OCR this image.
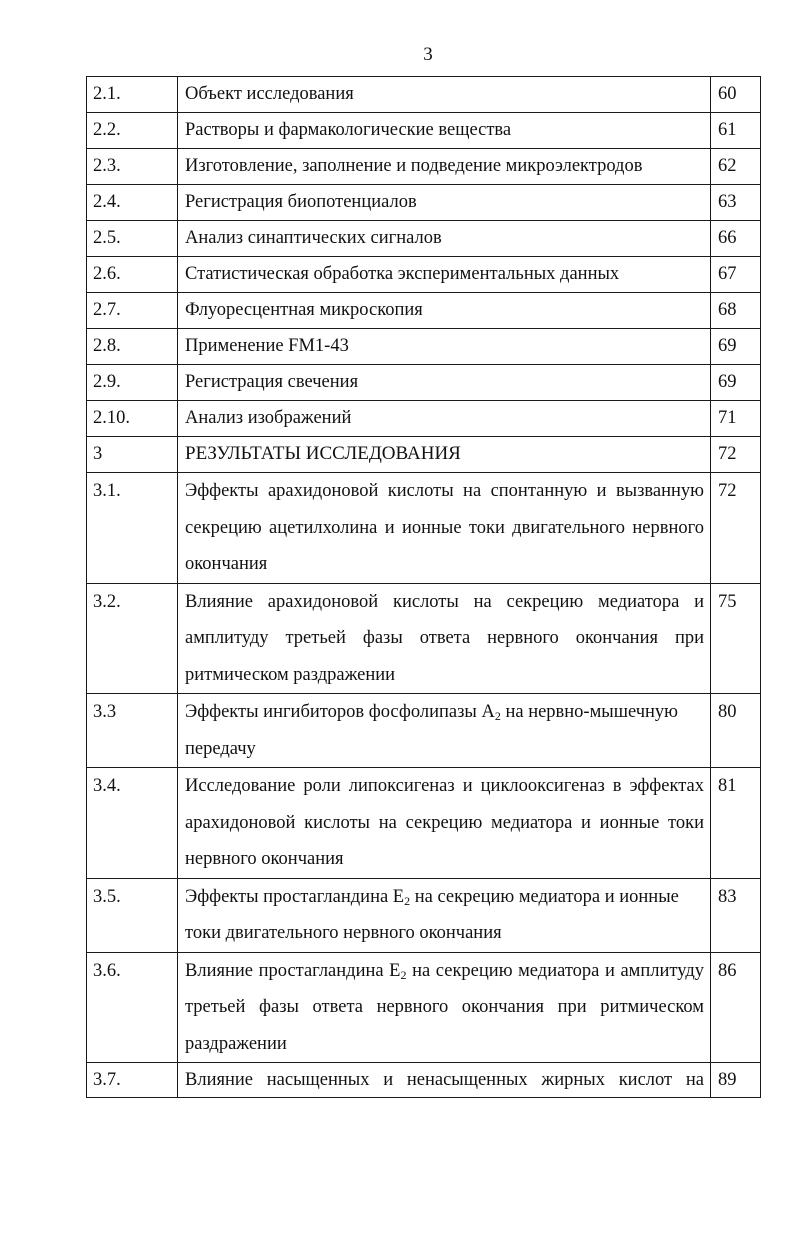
3
2.1.	Объект исследования	60

2.2.	Растворы и фармакологические вещества	61

2.3.	Изготовление, заполнение и подведение микроэлектродов	62

2.4.	Регистрация биопотенциалов	63

2.5.	Анализ синаптических сигналов	66

2.6.	Статистическая обработка экспериментальных данных	67

2.7.	Флуоресцентная микроскопия	68

2.8.	Применение FM1-43	69

2.9.	Регистрация свечения	69

2.10.	Анализ изображений	71

3	РЕЗУЛЬТАТЫ ИССЛЕДОВАНИЯ	72

3.1.	Эффекты арахидоновой кислоты на спонтанную и вызванную секрецию ацетилхолина и ионные токи двигательного нервного окончания	72

3.2.	Влияние арахидоновой кислоты на секрецию медиатора и амплитуду третьей фазы ответа нервного окончания при ритмическом раздражении	75

3.3	Эффекты ингибиторов фосфолипазы $A_2$ на нервно-мышечную передачу	80

3.4.	Исследование роли липоксигеназ и циклооксигеназ в эффектах арахидоновой кислоты на секрецию медиатора и ионные токи нервного окончания	81

3.5.	Эффекты простагландина $E_2$ на секрецию медиатора и ионные токи двигательного нервного окончания	83

3.6.	Влияние простагландина $E_2$ на секрецию медиатора и амплитуду третьей фазы ответа нервного окончания при ритмическом раздражении	86

3.7.	Влияние насыщенных и ненасыщенных жирных кислот на	89
